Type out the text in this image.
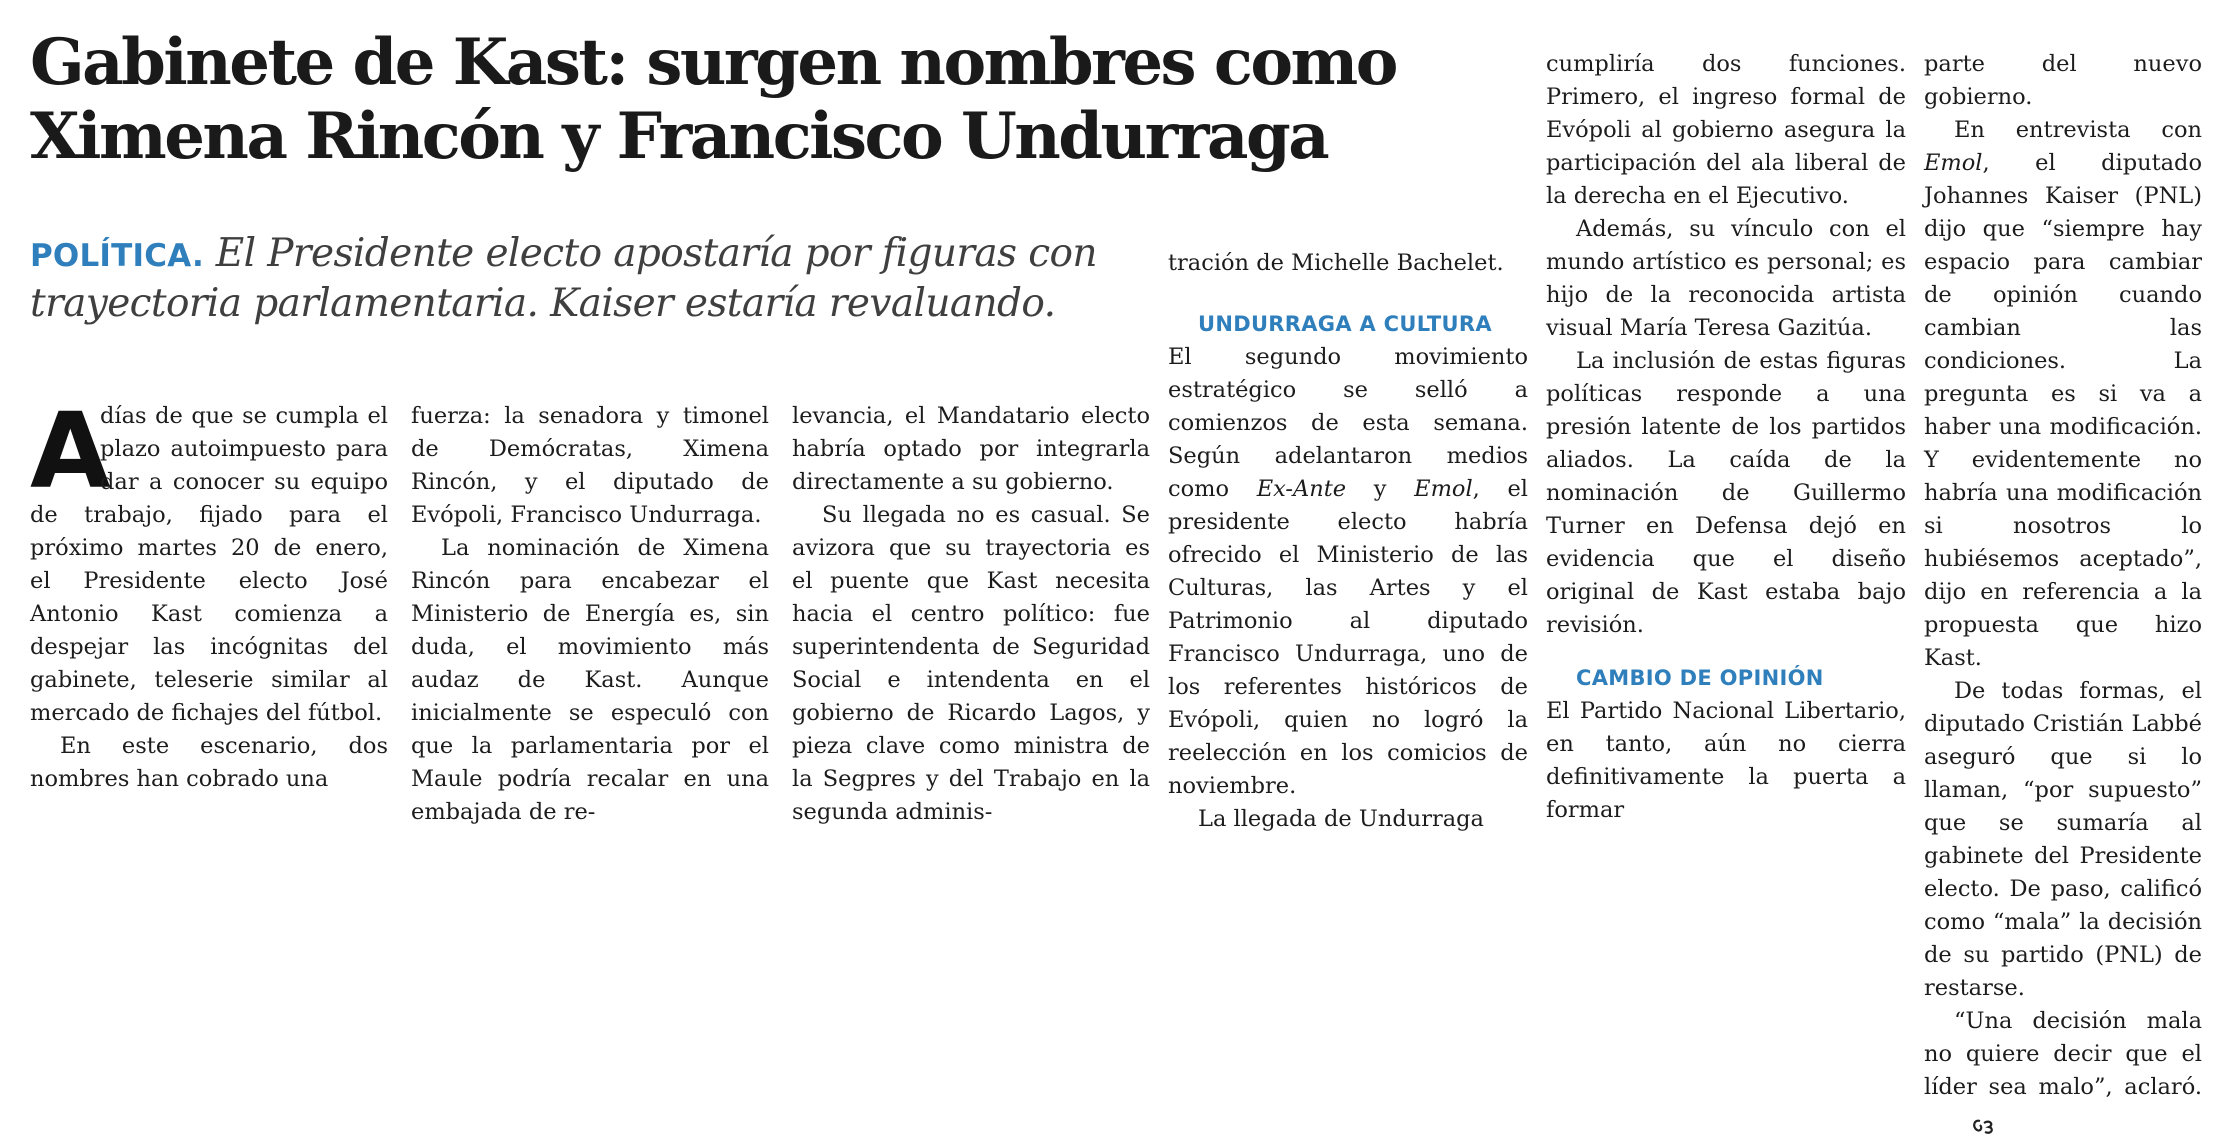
Gabinete de Kast: surgen nombres como
Ximena Rincón y Francisco Undurraga
POLÍTICA. El Presidente electo apostaría por figuras con trayectoria parlamentaria. Kaiser estaría revaluando.

A
días de que se cumpla el plazo autoimpuesto para dar a conocer su equipo de trabajo, fijado para el próximo martes 20 de enero, el Presidente electo José Antonio Kast comienza a despejar las incógnitas del gabinete, teleserie similar al mercado de fichajes del fútbol.

En este escenario, dos nombres han cobrado una

fuerza: la senadora y timonel de Demócratas, Ximena Rincón, y el diputado de Evópoli, Francisco Undurraga.

La nominación de Ximena Rincón para encabezar el Ministerio de Energía es, sin duda, el movimiento más audaz de Kast. Aunque inicialmente se especuló con que la parlamentaria por el Maule podría recalar en una embajada de re-

levancia, el Mandatario electo habría optado por integrarla directamente a su gobierno.

Su llegada no es casual. Se avizora que su trayectoria es el puente que Kast necesita hacia el centro político: fue superintendenta de Seguridad Social e intendenta en el gobierno de Ricardo Lagos, y pieza clave como ministra de la Segpres y del Trabajo en la segunda adminis-

tración de Michelle Bachelet.

UNDURRAGA A CULTURA

El segundo movimiento estratégico se selló a comienzos de esta semana. Según adelantaron medios como Ex-Ante y Emol, el presidente electo habría ofrecido el Ministerio de las Culturas, las Artes y el Patrimonio al diputado Francisco Undurraga, uno de los referentes históricos de Evópoli, quien no logró la reelección en los comicios de noviembre.

La llegada de Undurraga

cumpliría dos funciones. Primero, el ingreso formal de Evópoli al gobierno asegura la participación del ala liberal de la derecha en el Ejecutivo.

Además, su vínculo con el mundo artístico es personal; es hijo de la reconocida artista visual María Teresa Gazitúa.

La inclusión de estas figuras políticas responde a una presión latente de los partidos aliados. La caída de la nominación de Guillermo Turner en Defensa dejó en evidencia que el diseño original de Kast estaba bajo revisión.

CAMBIO DE OPINIÓN

El Partido Nacional Libertario, en tanto, aún no cierra definitivamente la puerta a formar

parte del nuevo gobierno.

En entrevista con Emol, el diputado Johannes Kaiser (PNL) dijo que “siempre hay espacio para cambiar de opinión cuando cambian las condiciones. La pregunta es si va a haber una modificación. Y evidentemente no habría una modificación si nosotros lo hubiésemos aceptado”, dijo en referencia a la propuesta que hizo Kast.

De todas formas, el diputado Cristián Labbé aseguró que si lo llaman, “por supuesto” que se sumaría al gabinete del Presidente electo. De paso, calificó como “mala” la decisión de su partido (PNL) de restarse.

“Una decisión mala no quiere decir que el líder sea malo”, aclaró.
